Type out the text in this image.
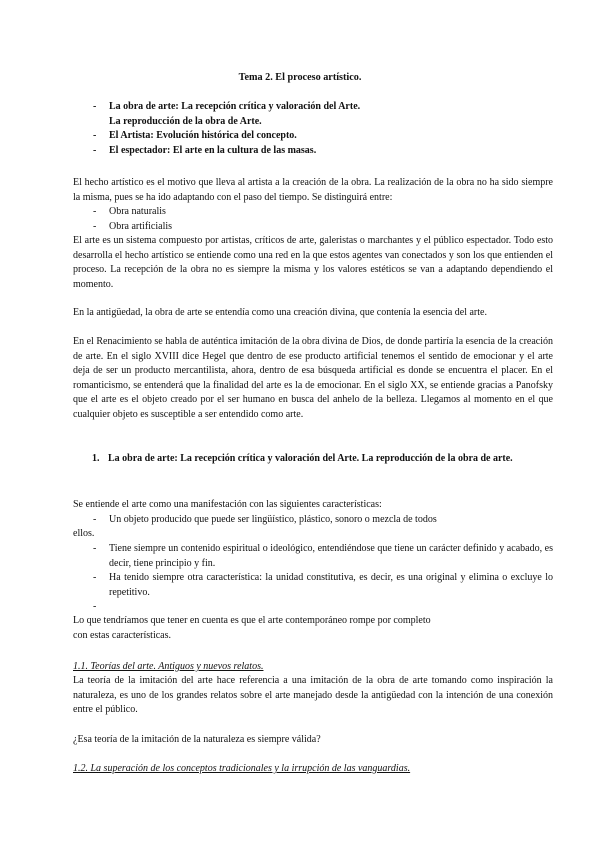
Tema 2. El proceso artístico.
- La obra de arte: La recepción crítica y valoración del Arte.
La reproducción de la obra de Arte.
- El Artista: Evolución histórica del concepto.
- El espectador: El arte en la cultura de las masas.

El hecho artístico es el motivo que lleva al artista a la creación de la obra. La realización de la obra no ha sido siempre la misma, pues se ha ido adaptando con el paso del tiempo. Se distinguirá entre:

- Obra naturalis
- Obra artificialis

El arte es un sistema compuesto por artistas, críticos de arte, galeristas o marchantes y el público espectador. Todo esto desarrolla el hecho artístico se entiende como una red en la que estos agentes van conectados y son los que entienden el proceso. La recepción de la obra no es siempre la misma y los valores estéticos se van a adaptando dependiendo el momento.

En la antigüedad, la obra de arte se entendía como una creación divina, que contenía la esencia del arte.

En el Renacimiento se habla de auténtica imitación de la obra divina de Dios, de donde partiría la esencia de la creación de arte. En el siglo XVIII dice Hegel que dentro de ese producto artificial tenemos el sentido de emocionar y el arte deja de ser un producto mercantilista, ahora, dentro de esa búsqueda artificial es donde se encuentra el placer. En el romanticismo, se entenderá que la finalidad del arte es la de emocionar. En el siglo XX, se entiende gracias a Panofsky que el arte es el objeto creado por el ser humano en busca del anhelo de la belleza. Llegamos al momento en el que cualquier objeto es susceptible a ser entendido como arte.

1. La obra de arte: La recepción crítica y valoración del Arte. La reproducción de la obra de arte.

Se entiende el arte como una manifestación con las siguientes características:

- Un objeto producido que puede ser lingüístico, plástico, sonoro o mezcla de todos

ellos.

- Tiene siempre un contenido espiritual o ideológico, entendiéndose que tiene un carácter definido y acabado, es decir, tiene principio y fin.
- Ha tenido siempre otra característica: la unidad constitutiva, es decir, es una original y elimina o excluye lo repetitivo.
-

Lo que tendríamos que tener en cuenta es que el arte contemporáneo rompe por completo
con estas características.

1.1. Teorías del arte. Antiguos y nuevos relatos.

La teoría de la imitación del arte hace referencia a una imitación de la obra de arte tomando como inspiración la naturaleza, es uno de los grandes relatos sobre el arte manejado desde la antigüedad con la intención de una conexión entre el público.

¿Esa teoría de la imitación de la naturaleza es siempre válida?

1.2. La superación de los conceptos tradicionales y la irrupción de las vanguardias.
